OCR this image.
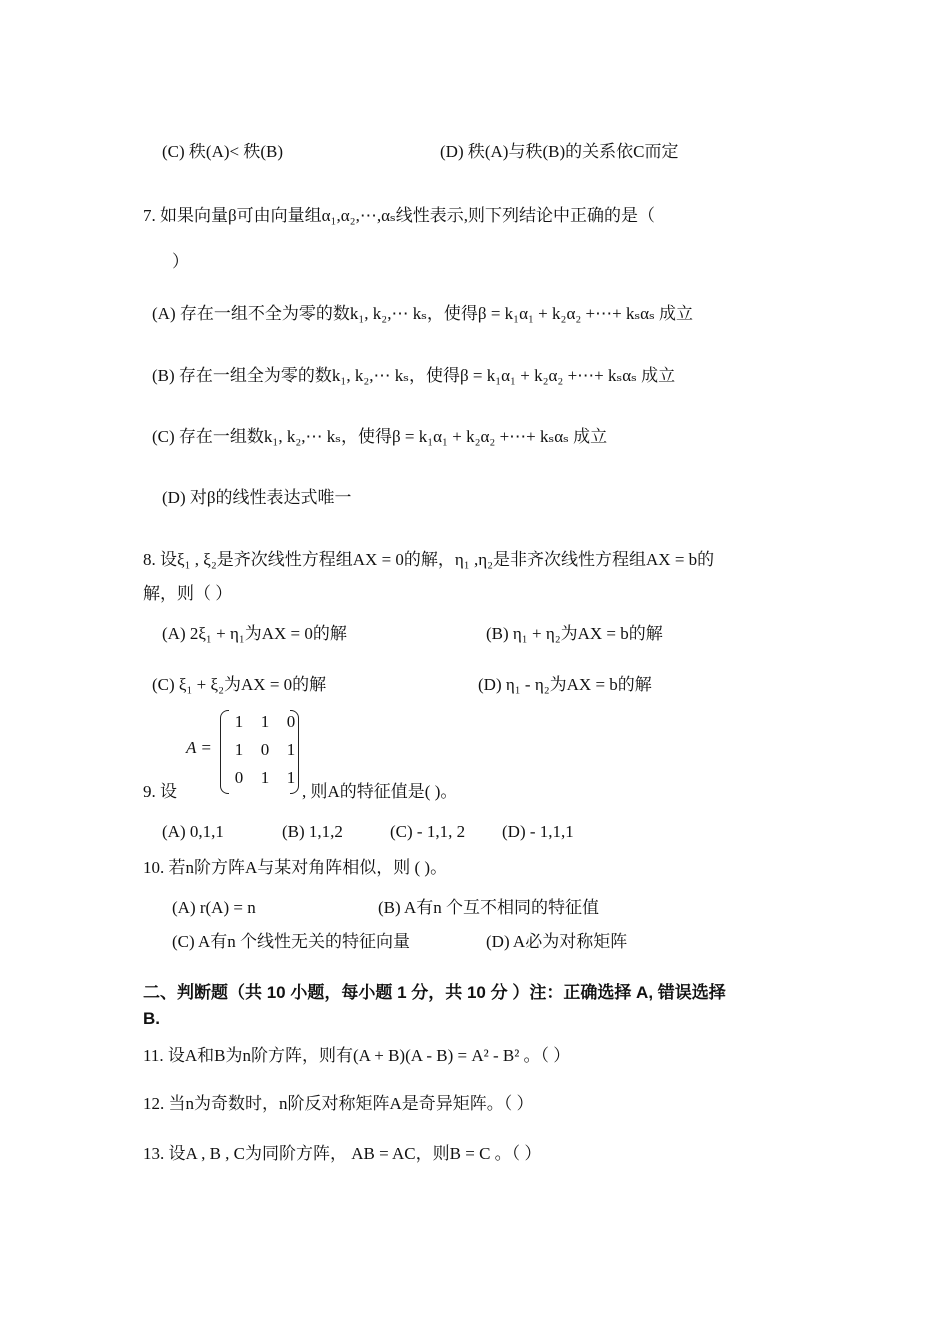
(C) 秩(A)< 秩(B)	(D) 秩(A)与秩(B)的关系依C而定
7. 如果向量β可由向量组α₁,α₂,⋯,αₛ线性表示,则下列结论中正确的是（
）
(A) 存在一组不全为零的数k₁, k₂,⋯ kₛ，使得β = k₁α₁ + k₂α₂ +⋯+ kₛαₛ 成立
(B) 存在一组全为零的数k₁, k₂,⋯ kₛ，使得β = k₁α₁ + k₂α₂ +⋯+ kₛαₛ 成立
(C) 存在一组数k₁, k₂,⋯ kₛ，使得β = k₁α₁ + k₂α₂ +⋯+ kₛαₛ 成立
(D) 对β的线性表达式唯一
8. 设ξ₁ , ξ₂是齐次线性方程组AX = 0的解，η₁ ,η₂是非齐次线性方程组AX = b的
解，则（ ）
(A) 2ξ₁ + η₁为AX = 0的解	(B) η₁ + η₂为AX = b的解
(C) ξ₁ + ξ₂为AX = 0的解	(D) η₁ - η₂为AX = b的解
A =
1	1	0
1	0	1
0	1	1
9. 设	, 则A的特征值是( )。
(A) 0,1,1	(B) 1,1,2	(C) - 1,1, 2 (D) - 1,1,1
10. 若n阶方阵A与某对角阵相似，则 ( )。
(A) r(A) = n	(B) A有n 个互不相同的特征值
(C) A有n 个线性无关的特征向量	(D) A必为对称矩阵
二、判断题（共 10 小题，每小题 1 分，共 10 分 ）注：正确选择 A, 错误选择
B.
11. 设A和B为n阶方阵，则有(A + B)(A - B) = A² - B² 。（ ）
12. 当n为奇数时，n阶反对称矩阵A是奇异矩阵。（ ）
13. 设A , B , C为同阶方阵， AB = AC，则B = C 。（ ）
